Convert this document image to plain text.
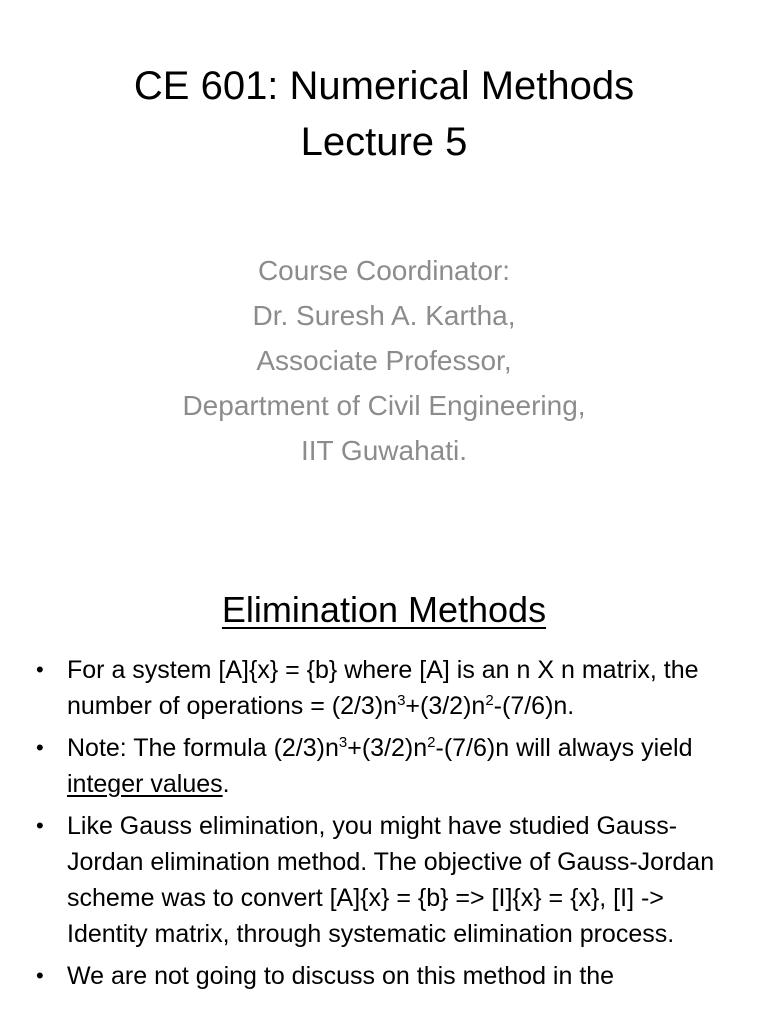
CE 601: Numerical Methods
Lecture 5
Course Coordinator:
Dr. Suresh A. Kartha,
Associate Professor,
Department of Civil Engineering,
IIT Guwahati.
Elimination Methods
• For a system [A]{x} = {b} where [A] is an n X n matrix, the number of operations = $(2/3)n^3+(3/2)n^2-(7/6)n$.
• Note: The formula $(2/3)n^3+(3/2)n^2-(7/6)n$ will always yield integer values.
• Like Gauss elimination, you might have studied Gauss-Jordan elimination method. The objective of Gauss-Jordan scheme was to convert [A]{x} = {b} => [I]{x} = {x}, [I] -> Identity matrix, through systematic elimination process.
• We are not going to discuss on this method in the
